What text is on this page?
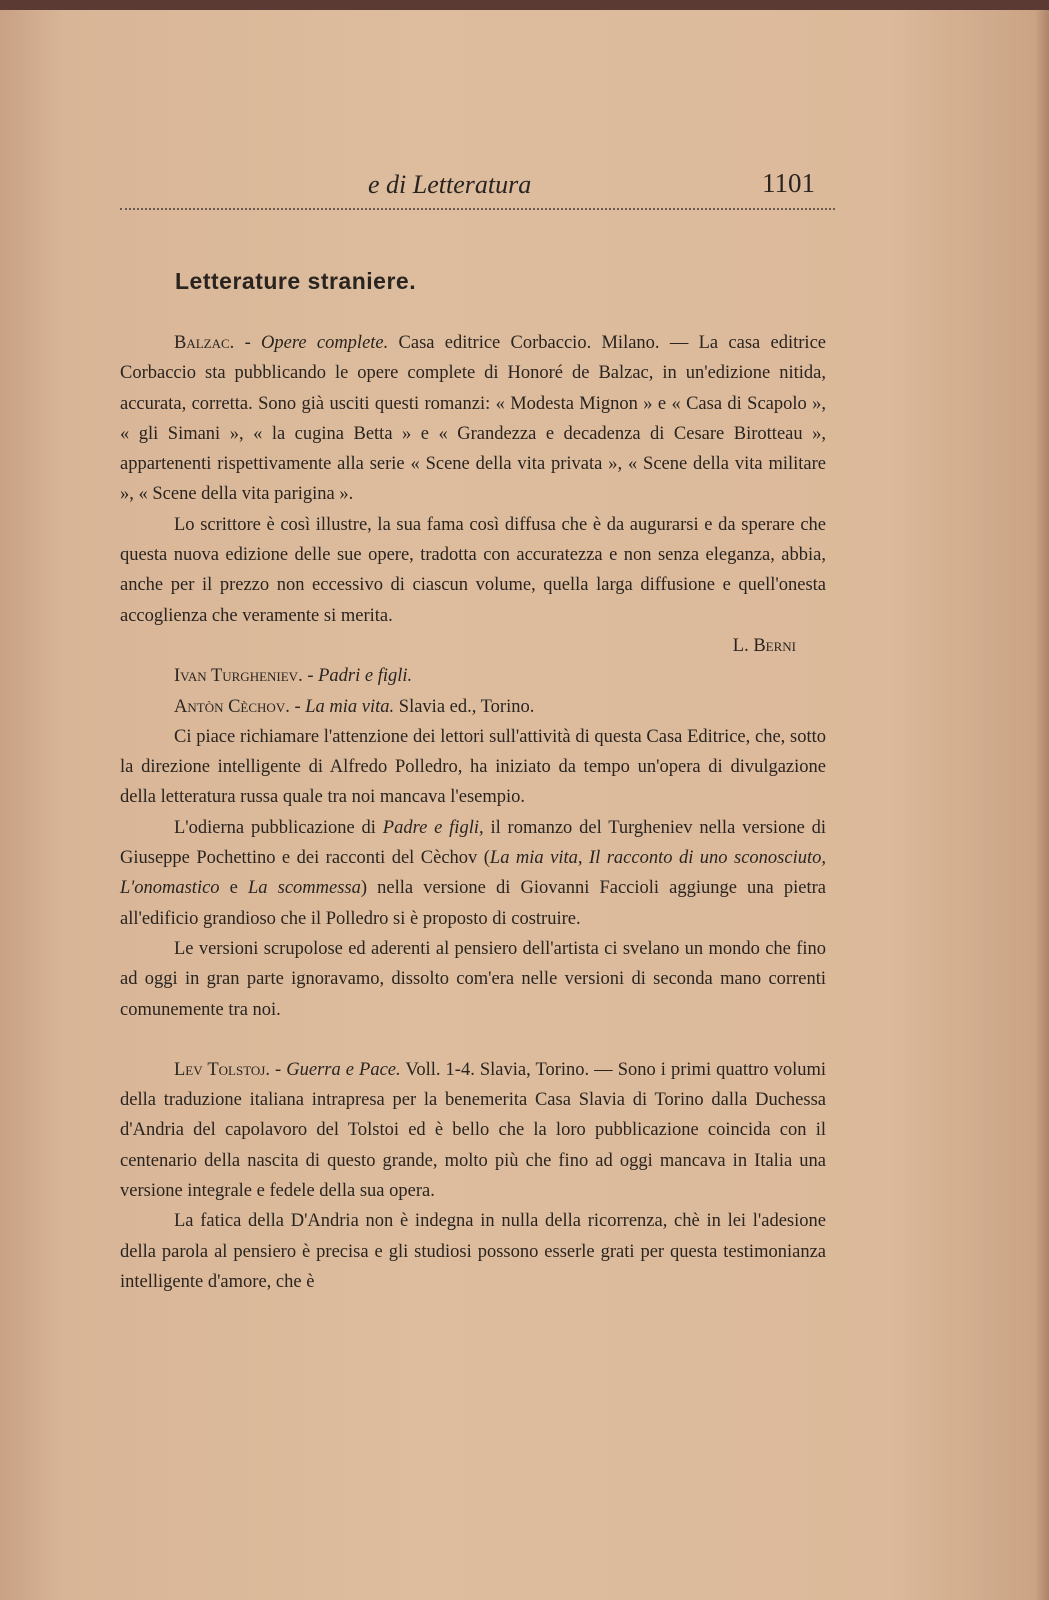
e di Letteratura	1101
Letterature straniere.

Balzac. - Opere complete. Casa editrice Corbaccio. Milano. — La casa editrice Corbaccio sta pubblicando le opere complete di Honoré de Balzac, in un'edizione nitida, accurata, corretta. Sono già usciti questi romanzi: « Modesta Mignon » e « Casa di Scapolo », « gli Simani », « la cugina Betta » e « Grandezza e decadenza di Cesare Birotteau », appartenenti rispettivamente alla serie « Scene della vita privata », « Scene della vita militare », « Scene della vita parigina ».

Lo scrittore è così illustre, la sua fama così diffusa che è da augurarsi e da sperare che questa nuova edizione delle sue opere, tradotta con accuratezza e non senza eleganza, abbia, anche per il prezzo non eccessivo di ciascun volume, quella larga diffusione e quell'onesta accoglienza che veramente si merita.

L. Berni

Ivan Turgheniev. - Padri e figli.

Antòn Cèchov. - La mia vita. Slavia ed., Torino.

Ci piace richiamare l'attenzione dei lettori sull'attività di questa Casa Editrice, che, sotto la direzione intelligente di Alfredo Polledro, ha iniziato da tempo un'opera di divulgazione della letteratura russa quale tra noi mancava l'esempio.

L'odierna pubblicazione di Padre e figli, il romanzo del Turgheniev nella versione di Giuseppe Pochettino e dei racconti del Cèchov (La mia vita, Il racconto di uno sconosciuto, L'onomastico e La scommessa) nella versione di Giovanni Faccioli aggiunge una pietra all'edificio grandioso che il Polledro si è proposto di costruire.

Le versioni scrupolose ed aderenti al pensiero dell'artista ci svelano un mondo che fino ad oggi in gran parte ignoravamo, dissolto com'era nelle versioni di seconda mano correnti comunemente tra noi.

Lev Tolstoj. - Guerra e Pace. Voll. 1-4. Slavia, Torino. — Sono i primi quattro volumi della traduzione italiana intrapresa per la benemerita Casa Slavia di Torino dalla Duchessa d'Andria del capolavoro del Tolstoi ed è bello che la loro pubblicazione coincida con il centenario della nascita di questo grande, molto più che fino ad oggi mancava in Italia una versione integrale e fedele della sua opera.

La fatica della D'Andria non è indegna in nulla della ricorrenza, chè in lei l'adesione della parola al pensiero è precisa e gli studiosi possono esserle grati per questa testimonianza intelligente d'amore, che è
